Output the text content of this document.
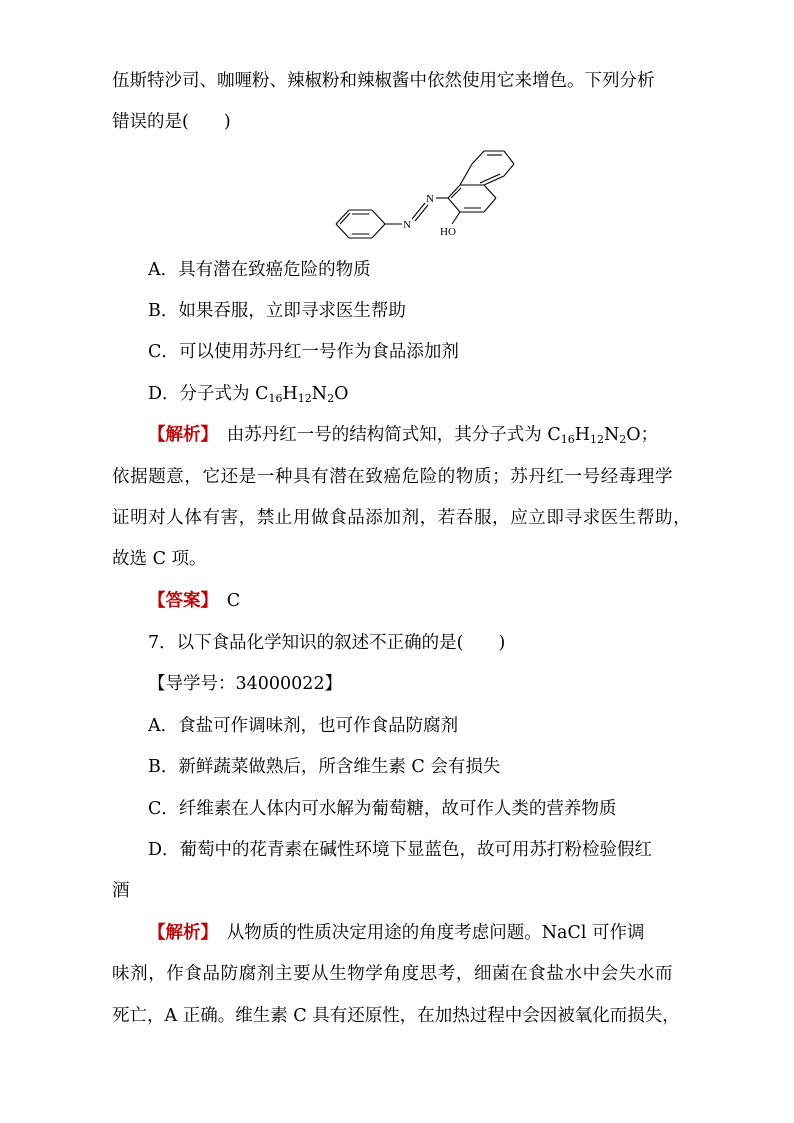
伍斯特沙司、咖喱粉、辣椒粉和辣椒酱中依然使用它来增色。下列分析
错误的是(　　)
N
N
HO
A．具有潜在致癌危险的物质
B．如果吞服，立即寻求医生帮助
C．可以使用苏丹红一号作为食品添加剂
D．分子式为 $C_{16}H_{12}N_2O$
【解析】　由苏丹红一号的结构简式知，其分子式为 $C_{16}H_{12}N_2O$；
依据题意，它还是一种具有潜在致癌危险的物质；苏丹红一号经毒理学
证明对人体有害，禁止用做食品添加剂，若吞服，应立即寻求医生帮助，
故选 C 项。
【答案】　C
7．以下食品化学知识的叙述不正确的是(　　)
【导学号：34000022】
A．食盐可作调味剂，也可作食品防腐剂
B．新鲜蔬菜做熟后，所含维生素 C 会有损失
C．纤维素在人体内可水解为葡萄糖，故可作人类的营养物质
D．葡萄中的花青素在碱性环境下显蓝色，故可用苏打粉检验假红
酒
【解析】　从物质的性质决定用途的角度考虑问题。NaCl 可作调
味剂，作食品防腐剂主要从生物学角度思考，细菌在食盐水中会失水而
死亡，A 正确。维生素 C 具有还原性，在加热过程中会因被氧化而损失，
